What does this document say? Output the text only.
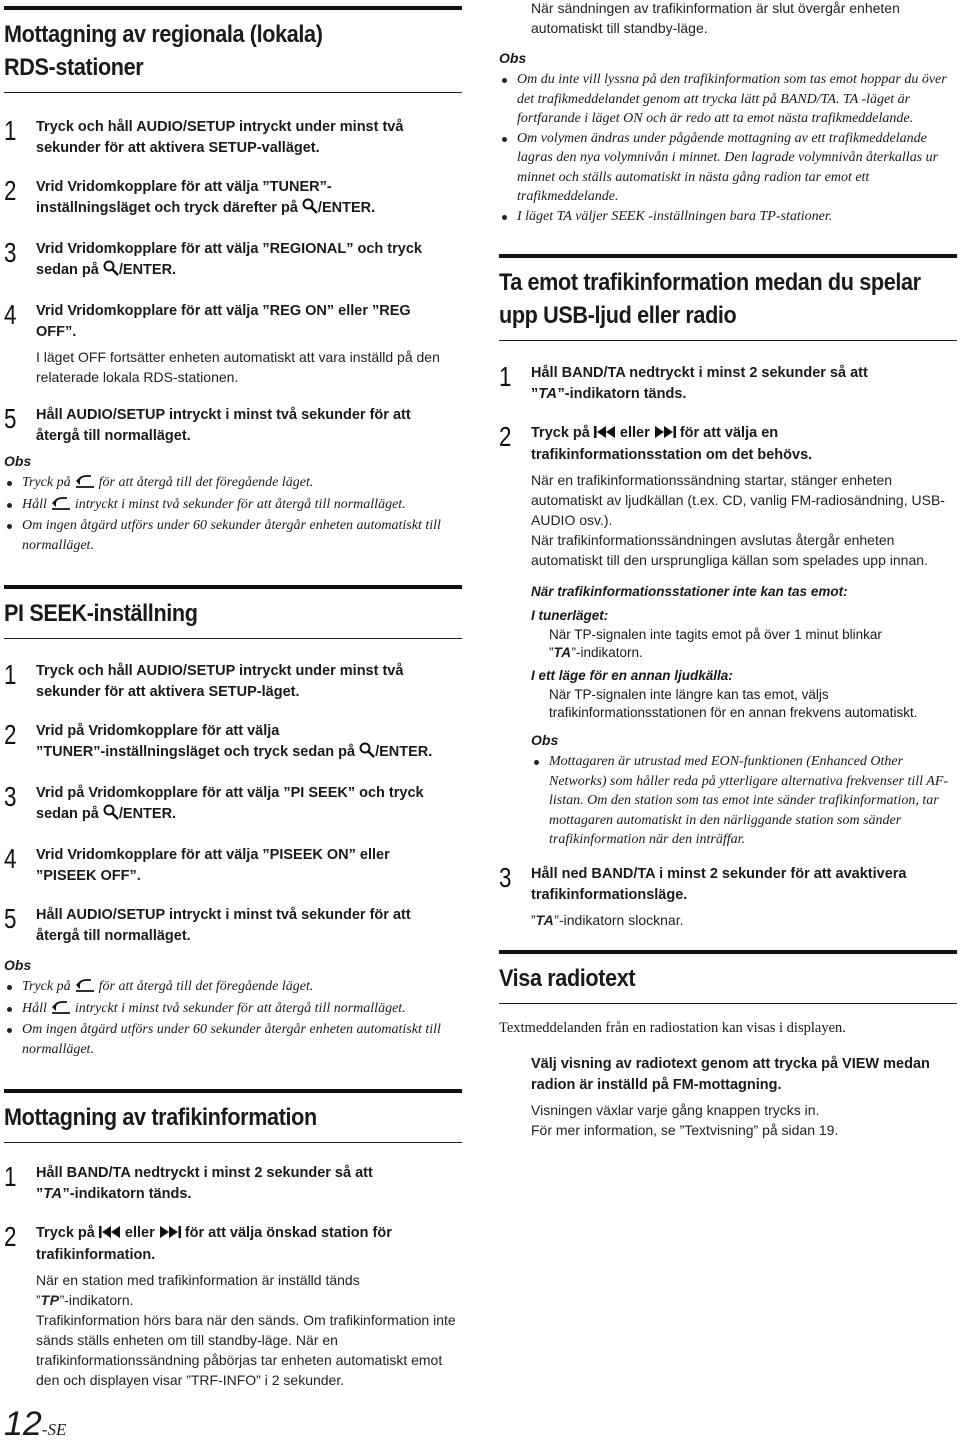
Mottagning av regionala (lokala)
RDS-stationer
1	Tryck och håll AUDIO/SETUP intryckt under minst två
sekunder för att aktivera SETUP-valläget.
2	Vrid Vridomkopplare för att välja ”TUNER”-
inställningsläget och tryck därefter på /ENTER.
3	Vrid Vridomkopplare för att välja ”REGIONAL” och tryck
sedan på /ENTER.
4	Vrid Vridomkopplare för att välja ”REG ON” eller ”REG
OFF”.
I läget OFF fortsätter enheten automatiskt att vara inställd på den relaterade lokala RDS-stationen.
5	Håll AUDIO/SETUP intryckt i minst två sekunder för att
återgå till normalläget.
Obs
Tryck på för att återgå till det föregående läget.
Håll intryckt i minst två sekunder för att återgå till normalläget.
Om ingen åtgärd utförs under 60 sekunder återgår enheten automatiskt till normalläget.
PI SEEK-inställning
1	Tryck och håll AUDIO/SETUP intryckt under minst två
sekunder för att aktivera SETUP-läget.
2	Vrid på Vridomkopplare för att välja
”TUNER”-inställningsläget och tryck sedan på /ENTER.
3	Vrid på Vridomkopplare för att välja ”PI SEEK” och tryck
sedan på /ENTER.
4	Vrid Vridomkopplare för att välja ”PISEEK ON” eller
”PISEEK OFF”.
5	Håll AUDIO/SETUP intryckt i minst två sekunder för att
återgå till normalläget.
Obs
Tryck på för att återgå till det föregående läget.
Håll intryckt i minst två sekunder för att återgå till normalläget.
Om ingen åtgärd utförs under 60 sekunder återgår enheten automatiskt till normalläget.
Mottagning av trafikinformation
1	Håll BAND/TA nedtryckt i minst 2 sekunder så att
”TA”-indikatorn tänds.
2	Tryck på eller för att välja önskad station för
trafikinformation.
När en station med trafikinformation är inställd tänds
”TP”-indikatorn.
Trafikinformation hörs bara när den sänds. Om trafikinformation inte sänds ställs enheten om till standby-läge. När en trafikinformationssändning påbörjas tar enheten automatiskt emot den och displayen visar ”TRF-INFO” i 2 sekunder.
12-SE
När sändningen av trafikinformation är slut övergår enheten automatiskt till standby-läge.
Obs
Om du inte vill lyssna på den trafikinformation som tas emot hoppar du över det trafikmeddelandet genom att trycka lätt på BAND/TA. TA -läget är fortfarande i läget ON och är redo att ta emot nästa trafikmeddelande.
Om volymen ändras under pågående mottagning av ett trafikmeddelande lagras den nya volymnivån i minnet. Den lagrade volymnivån återkallas ur minnet och ställs automatiskt in nästa gång radion tar emot ett trafikmeddelande.
I läget TA väljer SEEK -inställningen bara TP-stationer.
Ta emot trafikinformation medan du spelar
upp USB-ljud eller radio
1	Håll BAND/TA nedtryckt i minst 2 sekunder så att
”TA”-indikatorn tänds.
2	Tryck på eller för att välja en
trafikinformationsstation om det behövs.
När en trafikinformationssändning startar, stänger enheten automatiskt av ljudkällan (t.ex. CD, vanlig FM-radiosändning, USB-AUDIO osv.).
När trafikinformationssändningen avslutas återgår enheten automatiskt till den ursprungliga källan som spelades upp innan.
När trafikinformationsstationer inte kan tas emot:
I tunerläget:
När TP-signalen inte tagits emot på över 1 minut blinkar
”TA”-indikatorn.
I ett läge för en annan ljudkälla:
När TP-signalen inte längre kan tas emot, väljs trafikinformationsstationen för en annan frekvens automatiskt.
Obs
Mottagaren är utrustad med EON-funktionen (Enhanced Other Networks) som håller reda på ytterligare alternativa frekvenser till AF-listan. Om den station som tas emot inte sänder trafikinformation, tar mottagaren automatiskt in den närliggande station som sänder trafikinformation när den inträffar.
3	Håll ned BAND/TA i minst 2 sekunder för att avaktivera
trafikinformationsläge.
”TA”-indikatorn slocknar.
Visa radiotext
Textmeddelanden från en radiostation kan visas i displayen.
Välj visning av radiotext genom att trycka på VIEW medan
radion är inställd på FM-mottagning.
Visningen växlar varje gång knappen trycks in.
För mer information, se ”Textvisning” på sidan 19.
